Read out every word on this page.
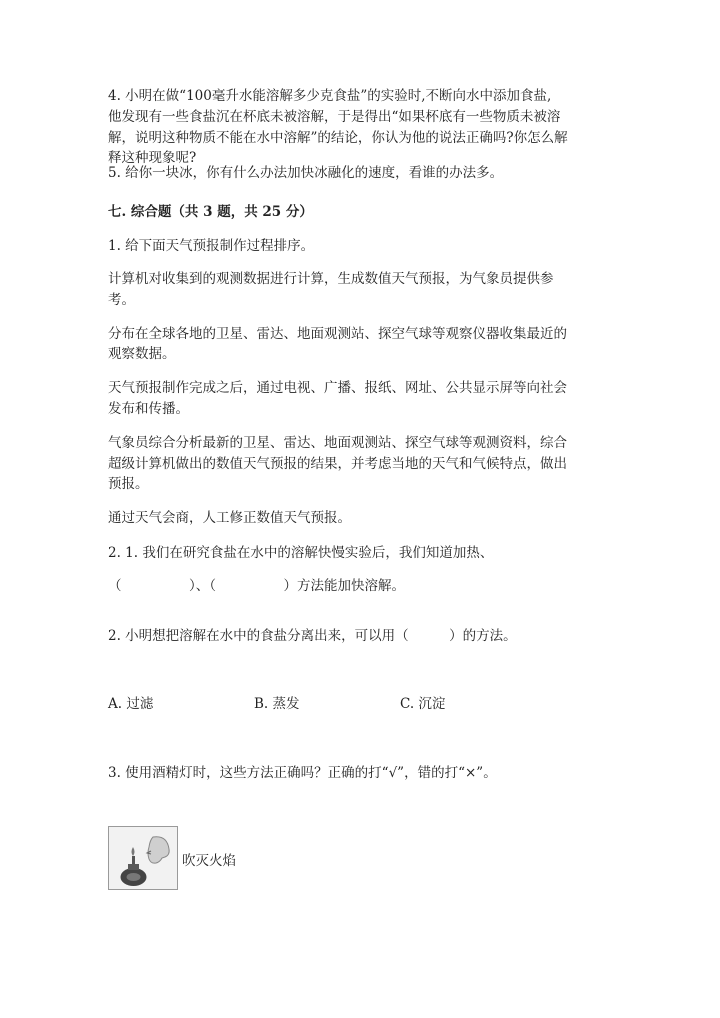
4. 小明在做“100毫升水能溶解多少克食盐”的实验时,不断向水中添加食盐,
他发现有一些食盐沉在杯底未被溶解，于是得出“如果杯底有一些物质未被溶
解，说明这种物质不能在水中溶解”的结论，你认为他的说法正确吗?你怎么解
释这种现象呢?
5. 给你一块冰，你有什么办法加快冰融化的速度，看谁的办法多。
七. 综合题（共 3 题，共 25 分）
1. 给下面天气预报制作过程排序。
计算机对收集到的观测数据进行计算，生成数值天气预报，为气象员提供参
考。
分布在全球各地的卫星、雷达、地面观测站、探空气球等观察仪器收集最近的
观察数据。
天气预报制作完成之后，通过电视、广播、报纸、网址、公共显示屏等向社会
发布和传播。
气象员综合分析最新的卫星、雷达、地面观测站、探空气球等观测资料，综合
超级计算机做出的数值天气预报的结果，并考虑当地的天气和气候特点，做出
预报。
通过天气会商，人工修正数值天气预报。
2. 1. 我们在研究食盐在水中的溶解快慢实验后，我们知道加热、
（　　　　　）、（　　　　　）方法能加快溶解。
2. 小明想把溶解在水中的食盐分离出来，可以用（　　　）的方法。
A. 过滤	B. 蒸发	C. 沉淀
3. 使用酒精灯时，这些方法正确吗？正确的打“√”，错的打“×”。
吹灭火焰
